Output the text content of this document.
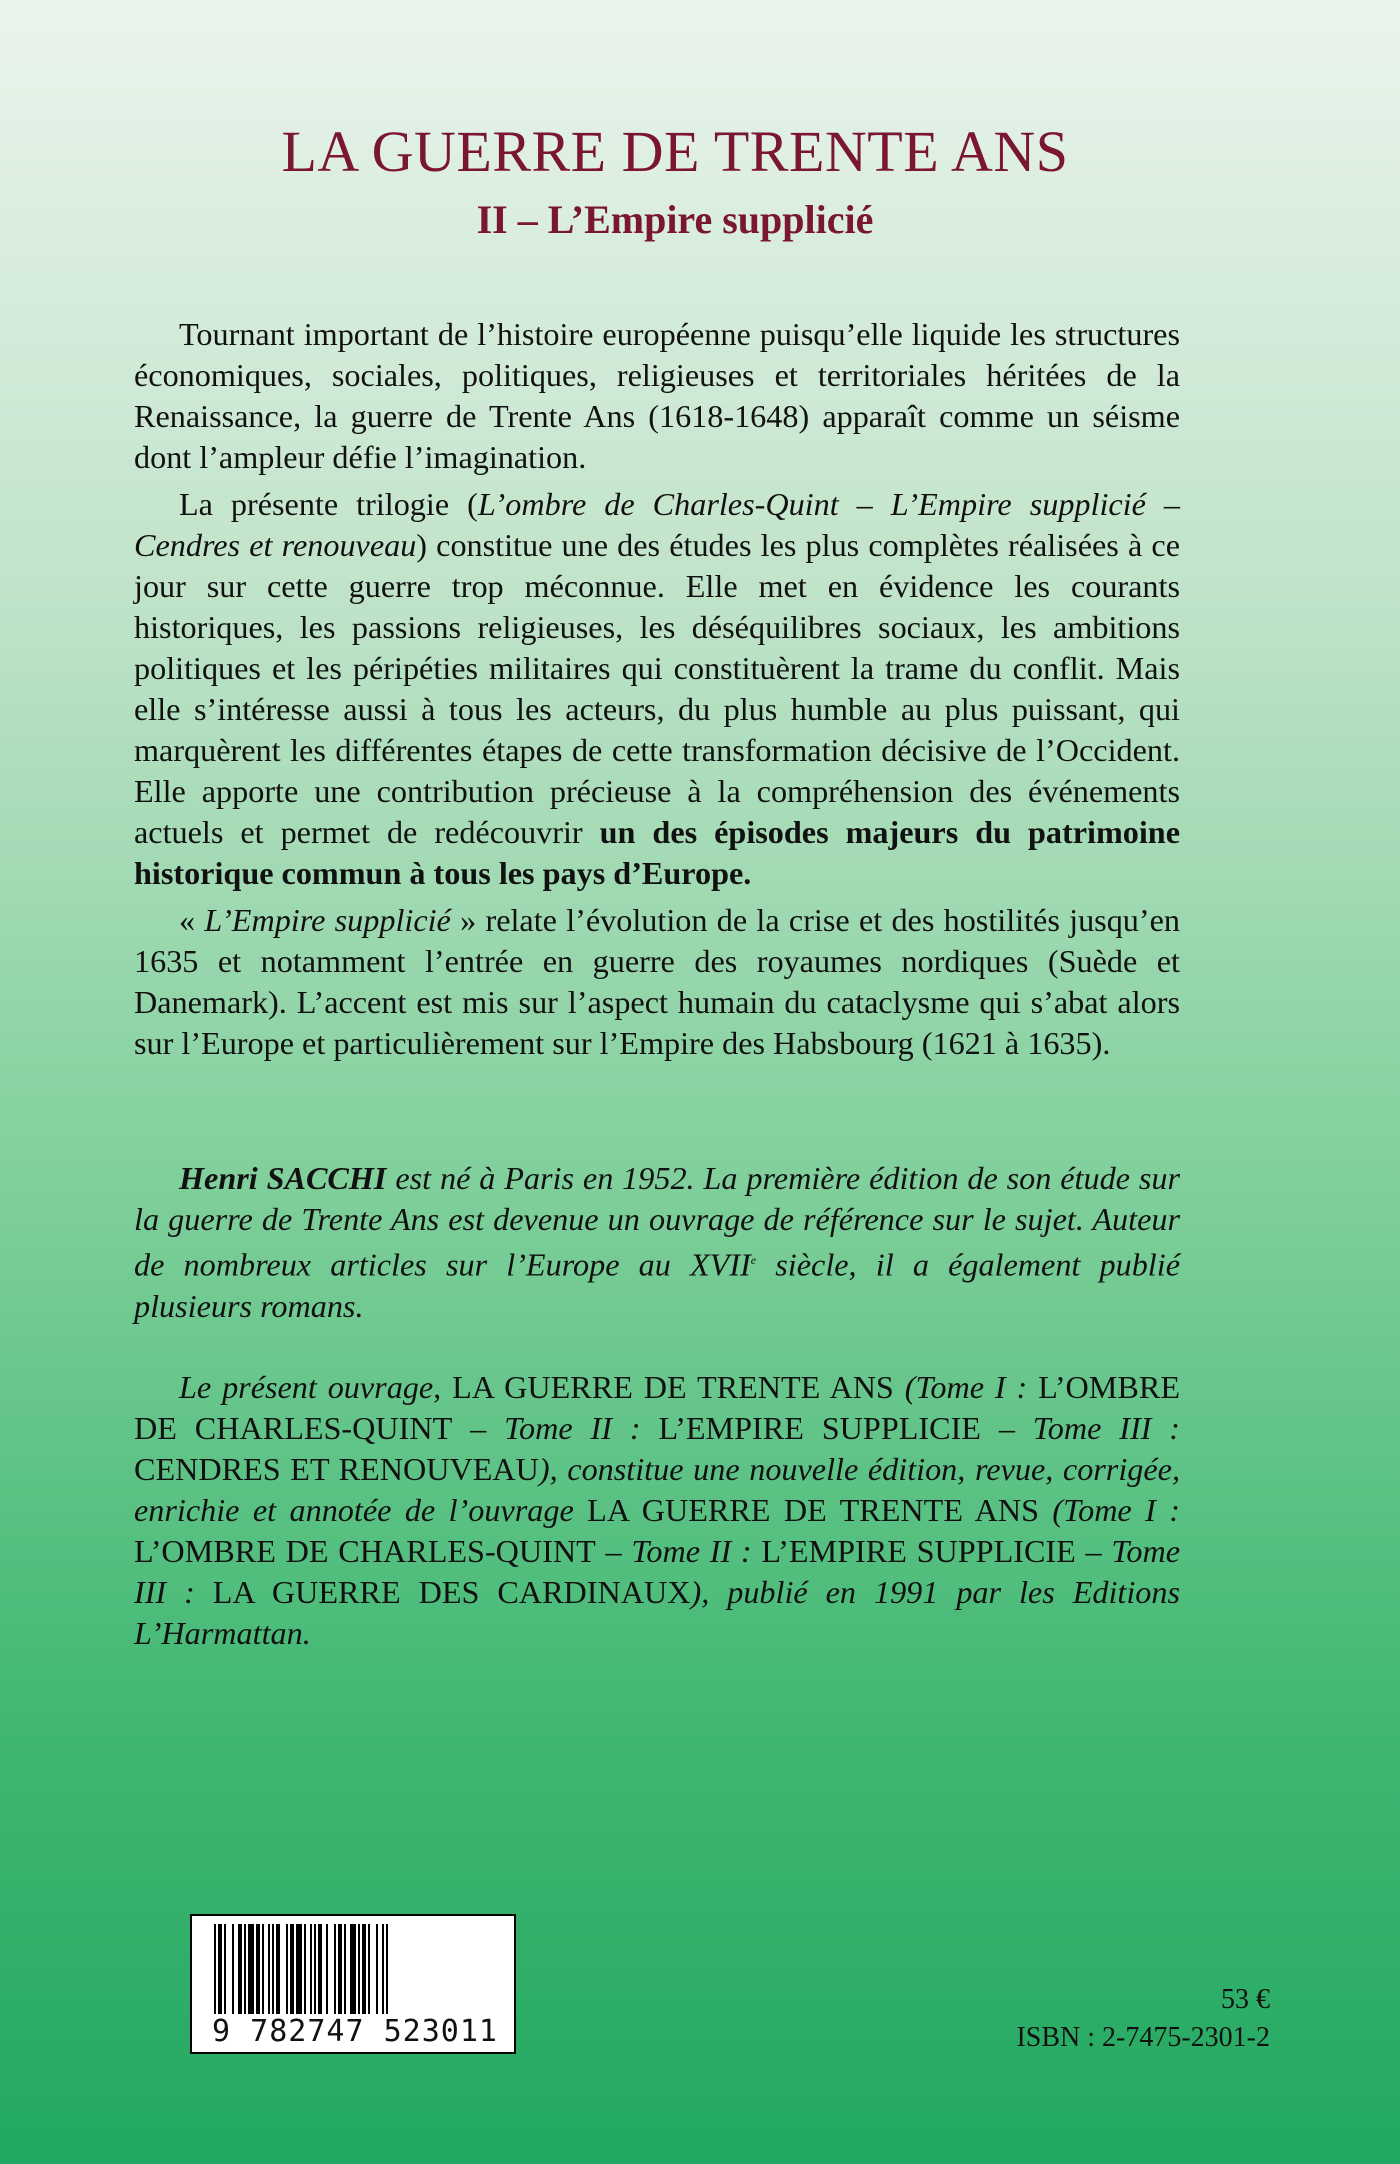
LA GUERRE DE TRENTE ANS
II – L’Empire supplicié

Tournant important de l’histoire européenne puisqu’elle liquide les structures économiques, sociales, politiques, religieuses et territoriales héritées de la Renaissance, la guerre de Trente Ans (1618-1648) apparaît comme un séisme dont l’ampleur défie l’imagination.

La présente trilogie (L’ombre de Charles-Quint – L’Empire supplicié – Cendres et renouveau) constitue une des études les plus complètes réalisées à ce jour sur cette guerre trop méconnue. Elle met en évidence les courants historiques, les passions religieuses, les déséquilibres sociaux, les ambitions politiques et les péripéties militaires qui constituèrent la trame du conflit. Mais elle s’intéresse aussi à tous les acteurs, du plus humble au plus puissant, qui marquèrent les différentes étapes de cette transformation décisive de l’Occident. Elle apporte une contribution précieuse à la compréhension des événements actuels et permet de redécouvrir un des épisodes majeurs du patrimoine historique commun à tous les pays d’Europe.

« L’Empire supplicié » relate l’évolution de la crise et des hostilités jusqu’en 1635 et notamment l’entrée en guerre des royaumes nordiques (Suède et Danemark). L’accent est mis sur l’aspect humain du cataclysme qui s’abat alors sur l’Europe et particulièrement sur l’Empire des Habsbourg (1621 à 1635).

Henri SACCHI est né à Paris en 1952. La première édition de son étude sur la guerre de Trente Ans est devenue un ouvrage de référence sur le sujet. Auteur de nombreux articles sur l’Europe au XVIIe siècle, il a également publié plusieurs romans.

Le présent ouvrage, LA GUERRE DE TRENTE ANS (Tome I : L’OMBRE DE CHARLES-QUINT – Tome II : L’EMPIRE SUPPLICIE – Tome III : CENDRES ET RENOUVEAU), constitue une nouvelle édition, revue, corrigée, enrichie et annotée de l’ouvrage LA GUERRE DE TRENTE ANS (Tome I : L’OMBRE DE CHARLES-QUINT – Tome II : L’EMPIRE SUPPLICIE – Tome III : LA GUERRE DES CARDINAUX), publié en 1991 par les Editions L’Harmattan.

9 782747 523011
53 €
ISBN : 2-7475-2301-2
